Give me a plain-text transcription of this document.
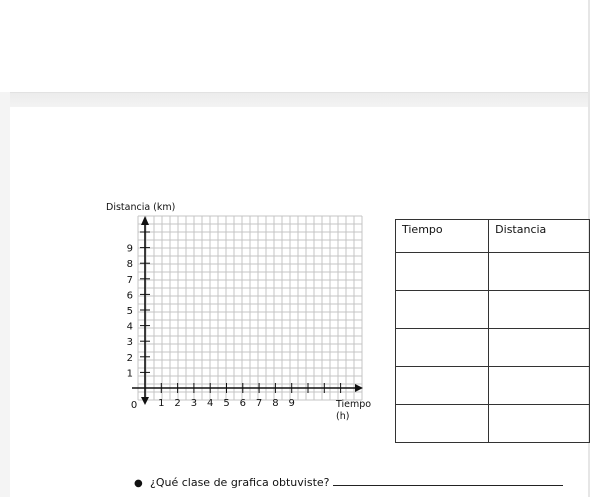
Distancia (km)
1 2 3 4 5 6 7 8 9
1
2
3
4
5
6
7
8
9
0	Tiempo
(h)
Tiempo	Distancia

● ¿Qué clase de grafica obtuviste?
